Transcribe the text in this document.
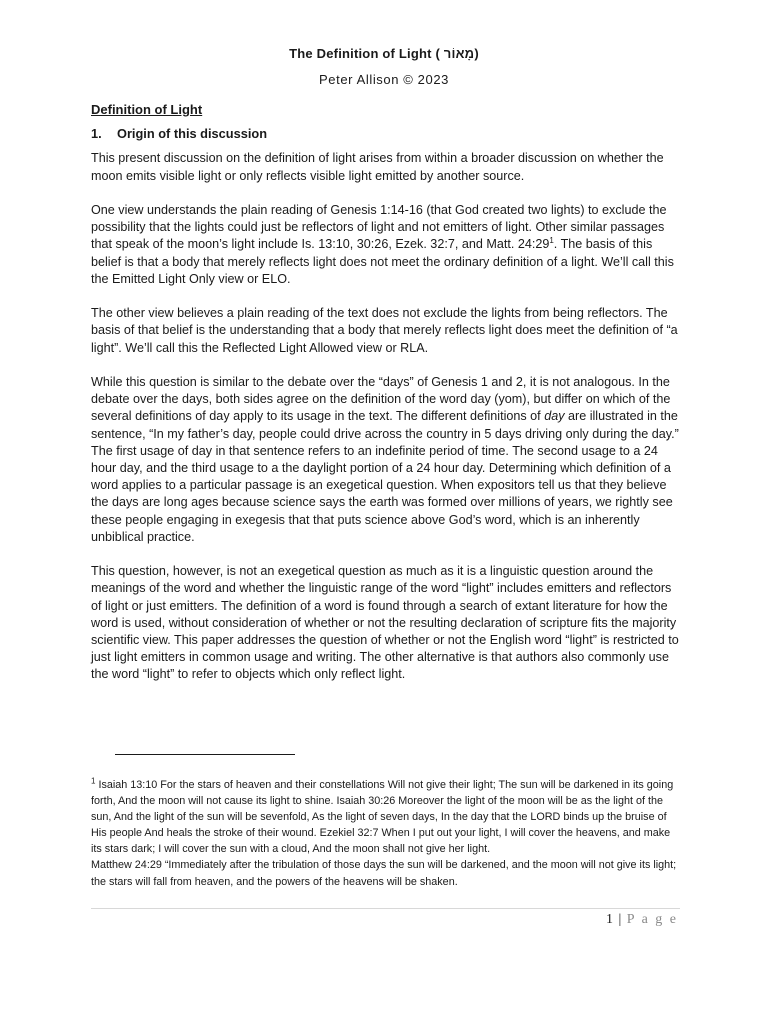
The Definition of Light ( מָאוֹר)
Peter Allison © 2023
Definition of Light
1. Origin of this discussion

This present discussion on the definition of light arises from within a broader discussion on whether the moon emits visible light or only reflects visible light emitted by another source.

One view understands the plain reading of Genesis 1:14-16 (that God created two lights) to exclude the possibility that the lights could just be reflectors of light and not emitters of light. Other similar passages that speak of the moon’s light include Is. 13:10, 30:26, Ezek. 32:7, and Matt. $24:29^1$. The basis of this belief is that a body that merely reflects light does not meet the ordinary definition of a light. We’ll call this the Emitted Light Only view or ELO.

The other view believes a plain reading of the text does not exclude the lights from being reflectors. The basis of that belief is the understanding that a body that merely reflects light does meet the definition of “a light”. We’ll call this the Reflected Light Allowed view or RLA.

While this question is similar to the debate over the “days” of Genesis 1 and 2, it is not analogous. In the debate over the days, both sides agree on the definition of the word day (yom), but differ on which of the several definitions of day apply to its usage in the text. The different definitions of day are illustrated in the sentence, “In my father’s day, people could drive across the country in 5 days driving only during the day.” The first usage of day in that sentence refers to an indefinite period of time. The second usage to a 24 hour day, and the third usage to a the daylight portion of a 24 hour day. Determining which definition of a word applies to a particular passage is an exegetical question. When expositors tell us that they believe the days are long ages because science says the earth was formed over millions of years, we rightly see these people engaging in exegesis that that puts science above God’s word, which is an inherently unbiblical practice.

This question, however, is not an exegetical question as much as it is a linguistic question around the meanings of the word and whether the linguistic range of the word “light” includes emitters and reflectors of light or just emitters. The definition of a word is found through a search of extant literature for how the word is used, without consideration of whether or not the resulting declaration of scripture fits the majority scientific view. This paper addresses the question of whether or not the English word “light” is restricted to just light emitters in common usage and writing. The other alternative is that authors also commonly use the word “light” to refer to objects which only reflect light.

$^1$ Isaiah 13:10 For the stars of heaven and their constellations Will not give their light; The sun will be darkened in its going forth, And the moon will not cause its light to shine. Isaiah 30:26 Moreover the light of the moon will be as the light of the sun, And the light of the sun will be sevenfold, As the light of seven days, In the day that the LORD binds up the bruise of His people And heals the stroke of their wound. Ezekiel 32:7 When I put out your light, I will cover the heavens, and make its stars dark; I will cover the sun with a cloud, And the moon shall not give her light.
Matthew 24:29 “Immediately after the tribulation of those days the sun will be darkened, and the moon will not give its light; the stars will fall from heaven, and the powers of the heavens will be shaken.
1 | P a g e
